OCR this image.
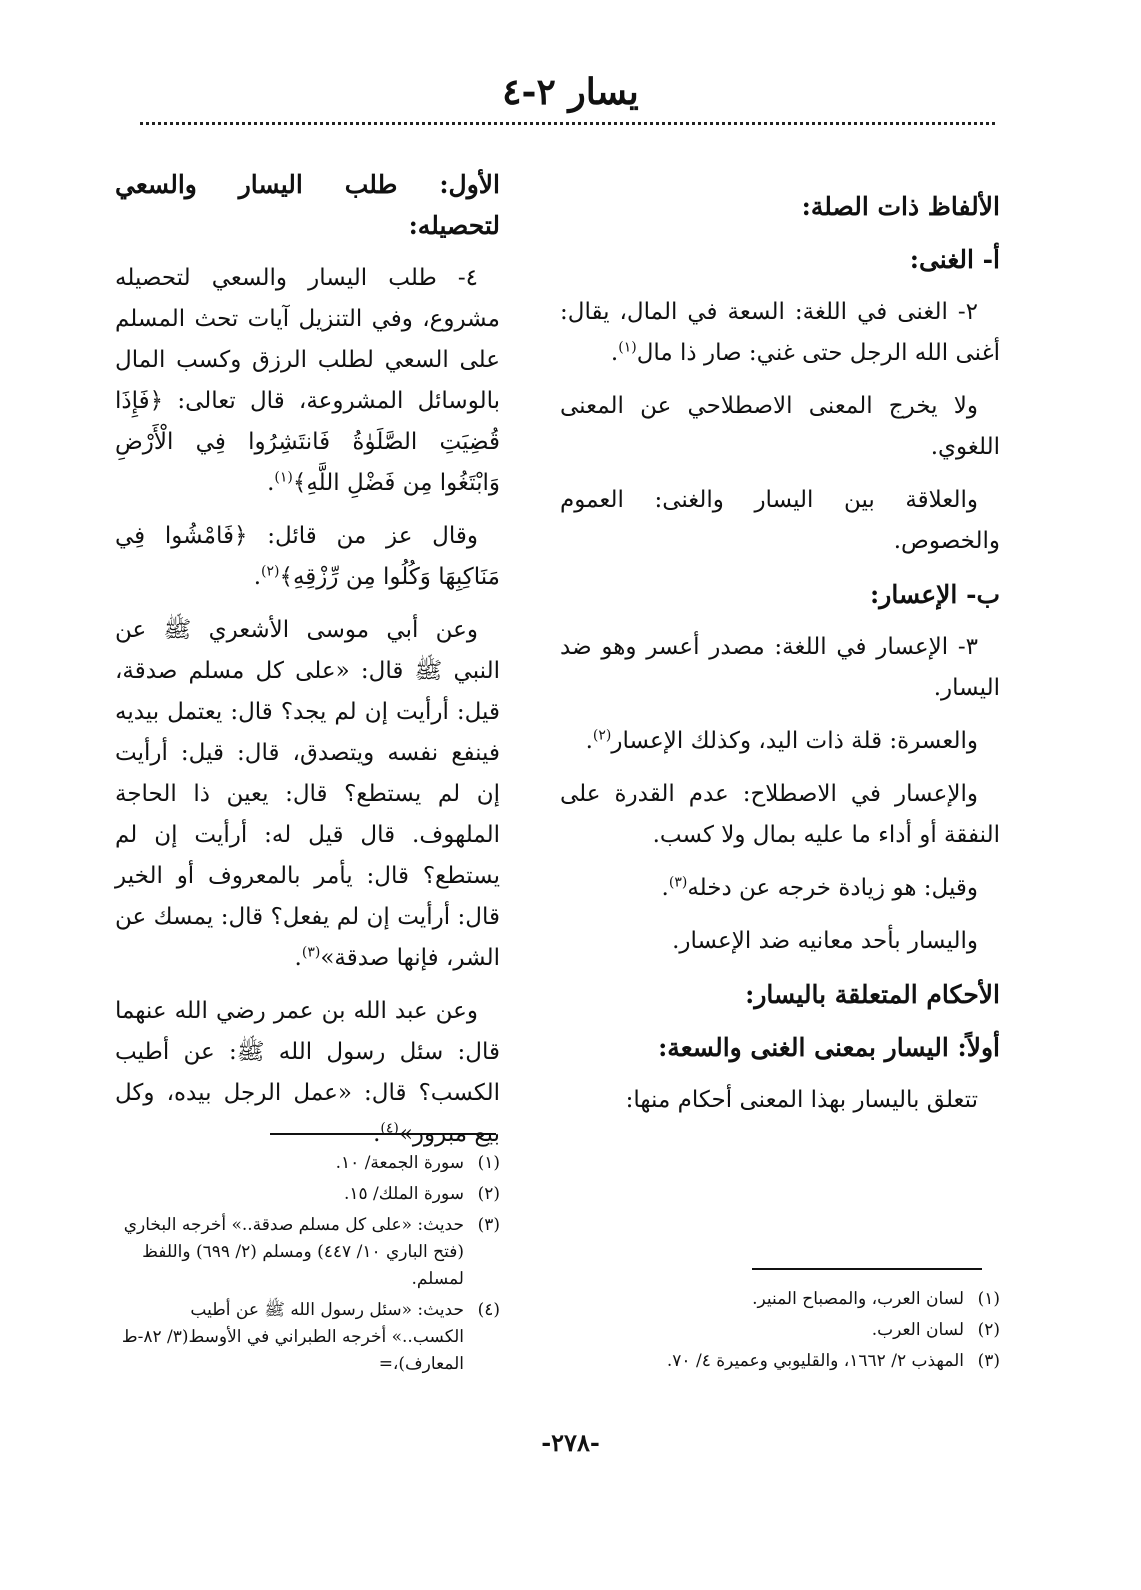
يسار ٢-٤

الألفاظ ذات الصلة:

أ- الغنى:

٢- الغنى في اللغة: السعة في المال، يقال: أغنى الله الرجل حتى غني: صار ذا مال$^{(١)}$.

ولا يخرج المعنى الاصطلاحي عن المعنى اللغوي.

والعلاقة بين اليسار والغنى: العموم والخصوص.

ب- الإعسار:

٣- الإعسار في اللغة: مصدر أعسر وهو ضد اليسار.

والعسرة: قلة ذات اليد، وكذلك الإعسار$^{(٢)}$.

والإعسار في الاصطلاح: عدم القدرة على النفقة أو أداء ما عليه بمال ولا كسب.

وقيل: هو زيادة خرجه عن دخله$^{(٣)}$.

واليسار بأحد معانيه ضد الإعسار.

الأحكام المتعلقة باليسار:

أولاً: اليسار بمعنى الغنى والسعة:

تتعلق باليسار بهذا المعنى أحكام منها:

الأول: طلب اليسار والسعي لتحصيله:

٤- طلب اليسار والسعي لتحصيله مشروع، وفي التنزيل آيات تحث المسلم على السعي لطلب الرزق وكسب المال بالوسائل المشروعة، قال تعالى: ﴿فَإِذَا قُضِيَتِ الصَّلَوٰةُ فَانتَشِرُوا فِي الْأَرْضِ وَابْتَغُوا مِن فَضْلِ اللَّهِ﴾$^{(١)}$.

وقال عز من قائل: ﴿فَامْشُوا فِي مَنَاكِبِهَا وَكُلُوا مِن رِّزْقِهِ﴾$^{(٢)}$.

وعن أبي موسى الأشعري ﷺ عن النبي ﷺ قال: «على كل مسلم صدقة، قيل: أرأيت إن لم يجد؟ قال: يعتمل بيديه فينفع نفسه ويتصدق، قال: قيل: أرأيت إن لم يستطع؟ قال: يعين ذا الحاجة الملهوف. قال قيل له: أرأيت إن لم يستطع؟ قال: يأمر بالمعروف أو الخير قال: أرأيت إن لم يفعل؟ قال: يمسك عن الشر، فإنها صدقة»$^{(٣)}$.

وعن عبد الله بن عمر رضي الله عنهما قال: سئل رسول الله ﷺ: عن أطيب الكسب؟ قال: «عمل الرجل بيده، وكل بيع مبرور»$^{(٤)}$.

(١)
لسان العرب، والمصباح المنير.
(٢)
لسان العرب.
(٣)
المهذب ٢/ ١٦٦٢، والقليوبي وعميرة ٤/ ٧٠.
(١)
سورة الجمعة/ ١٠.
(٢)
سورة الملك/ ١٥.
(٣)
حديث: «على كل مسلم صدقة..» أخرجه البخاري (فتح الباري ١٠/ ٤٤٧) ومسلم (٢/ ٦٩٩) واللفظ لمسلم.
(٤)
حديث: «سئل رسول الله ﷺ عن أطيب الكسب..» أخرجه الطبراني في الأوسط(٣/ ٨٢-ط المعارف)،=
-٢٧٨-
